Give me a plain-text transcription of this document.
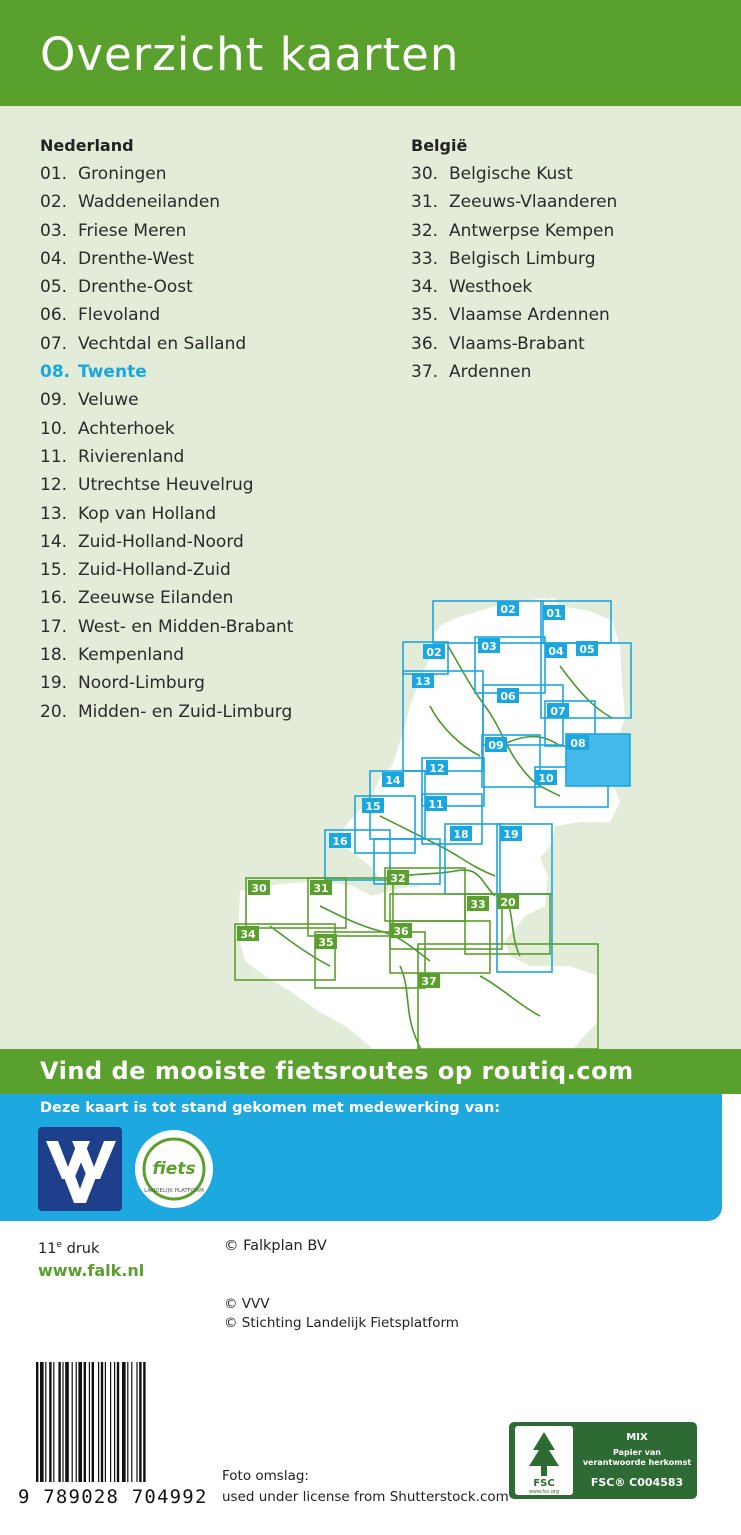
Overzicht kaarten
Nederland
01. Groningen
02. Waddeneilanden
03. Friese Meren
04. Drenthe-West
05. Drenthe-Oost
06. Flevoland
07. Vechtdal en Salland
08. Twente
09. Veluwe
10. Achterhoek
11. Rivierenland
12. Utrechtse Heuvelrug
13. Kop van Holland
14. Zuid-Holland-Noord
15. Zuid-Holland-Zuid
16. Zeeuwse Eilanden
17. West- en Midden-Brabant
18. Kempenland
19. Noord-Limburg
20. Midden- en Zuid-Limburg
België
30. Belgische Kust
31. Zeeuws-Vlaanderen
32. Antwerpse Kempen
33. Belgisch Limburg
34. Westhoek
35. Vlaamse Ardennen
36. Vlaams-Brabant
37. Ardennen
02	01
02	03	04 05
13
06
07
08
09
12
10
14
11
15
18	19
16
30	31
32
33 20
34
35
36
37
Vind de mooiste fietsroutes op routiq.com
Deze kaart is tot stand gekomen met medewerking van:
fiets
LANDELIJK PLATFORM
11e druk
www.falk.nl
© Falkplan BV
© VVV
© Stichting Landelijk Fietsplatform
9 789028 704992
Foto omslag:
used under license from Shutterstock.com
FSC
www.fsc.org
MIX
Papier van
verantwoorde herkomst
FSC® C004583
